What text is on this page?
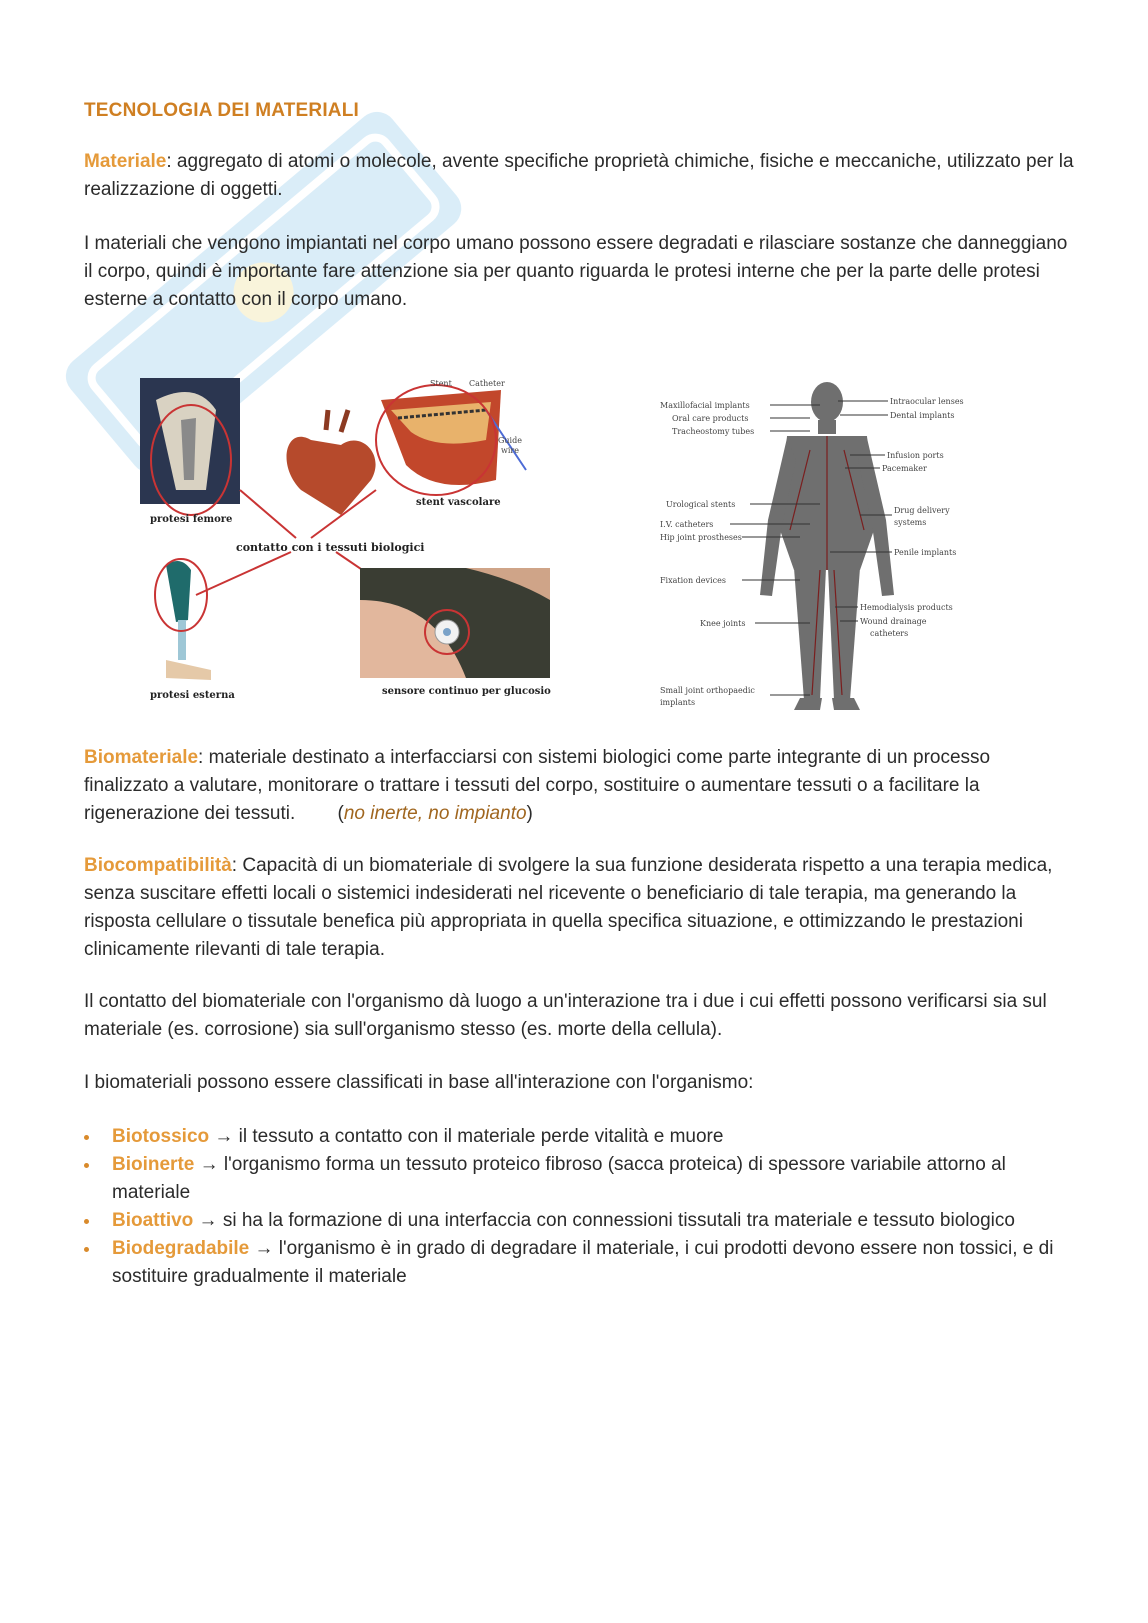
TECNOLOGIA DEI MATERIALI

Materiale: aggregato di atomi o molecole, avente specifiche proprietà chimiche, fisiche e meccaniche, utilizzato per la realizzazione di oggetti.

I materiali che vengono impiantati nel corpo umano possono essere degradati e rilasciare sostanze che danneggiano il corpo, quindi è importante fare attenzione sia per quanto riguarda le protesi interne che per la parte delle protesi esterne a contatto con il corpo umano.

protesi femore
Stent Catheter
Guide
wire
stent vascolare
contatto con i tessuti biologici
protesi esterna	sensore continuo per glucosio
Maxillofacial implants
Oral care products
Tracheostomy tubes
Urological stents
I.V. catheters
Hip joint prostheses
Fixation devices
Knee joints
Small joint orthopaedic
implants
Intraocular lenses
Dental implants
Infusion ports
Pacemaker
Drug delivery
systems
Penile implants
Hemodialysis products
Wound drainage
catheters

Biomateriale: materiale destinato a interfacciarsi con sistemi biologici come parte integrante di un processo finalizzato a valutare, monitorare o trattare i tessuti del corpo, sostituire o aumentare tessuti o a facilitare la rigenerazione dei tessuti. (no inerte, no impianto)

Biocompatibilità: Capacità di un biomateriale di svolgere la sua funzione desiderata rispetto a una terapia medica, senza suscitare effetti locali o sistemici indesiderati nel ricevente o beneficiario di tale terapia, ma generando la risposta cellulare o tissutale benefica più appropriata in quella specifica situazione, e ottimizzando le prestazioni clinicamente rilevanti di tale terapia.

Il contatto del biomateriale con l'organismo dà luogo a un'interazione tra i due i cui effetti possono verificarsi sia sul materiale (es. corrosione) sia sull'organismo stesso (es. morte della cellula).

I biomateriali possono essere classificati in base all'interazione con l'organismo:

Biotossico → il tessuto a contatto con il materiale perde vitalità e muore
Bioinerte → l'organismo forma un tessuto proteico fibroso (sacca proteica) di spessore variabile attorno al materiale
Bioattivo → si ha la formazione di una interfaccia con connessioni tissutali tra materiale e tessuto biologico
Biodegradabile → l'organismo è in grado di degradare il materiale, i cui prodotti devono essere non tossici, e di sostituire gradualmente il materiale
